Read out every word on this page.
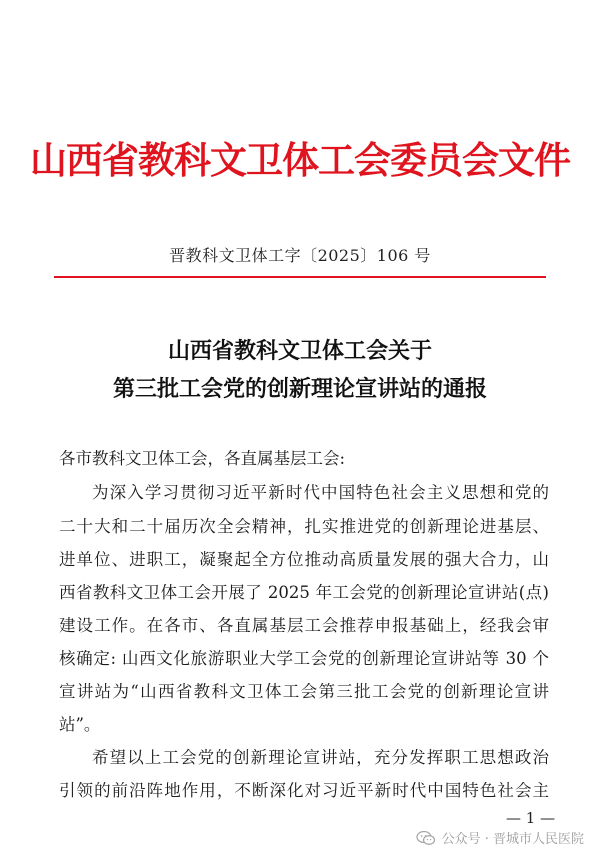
山西省教科文卫体工会委员会文件
晋教科文卫体工字〔2025〕106 号
山西省教科文卫体工会关于
第三批工会党的创新理论宣讲站的通报
各市教科文卫体工会，各直属基层工会:
为深入学习贯彻习近平新时代中国特色社会主义思想和党的
二十大和二十届历次全会精神，扎实推进党的创新理论进基层、
进单位、进职工，凝聚起全方位推动高质量发展的强大合力，山
西省教科文卫体工会开展了 2025 年工会党的创新理论宣讲站(点)
建设工作。在各市、各直属基层工会推荐申报基础上，经我会审
核确定: 山西文化旅游职业大学工会党的创新理论宣讲站等 30 个
宣讲站为“山西省教科文卫体工会第三批工会党的创新理论宣讲
站”。
希望以上工会党的创新理论宣讲站，充分发挥职工思想政治
引领的前沿阵地作用，不断深化对习近平新时代中国特色社会主
— 1 —
公众号 · 晋城市人民医院
